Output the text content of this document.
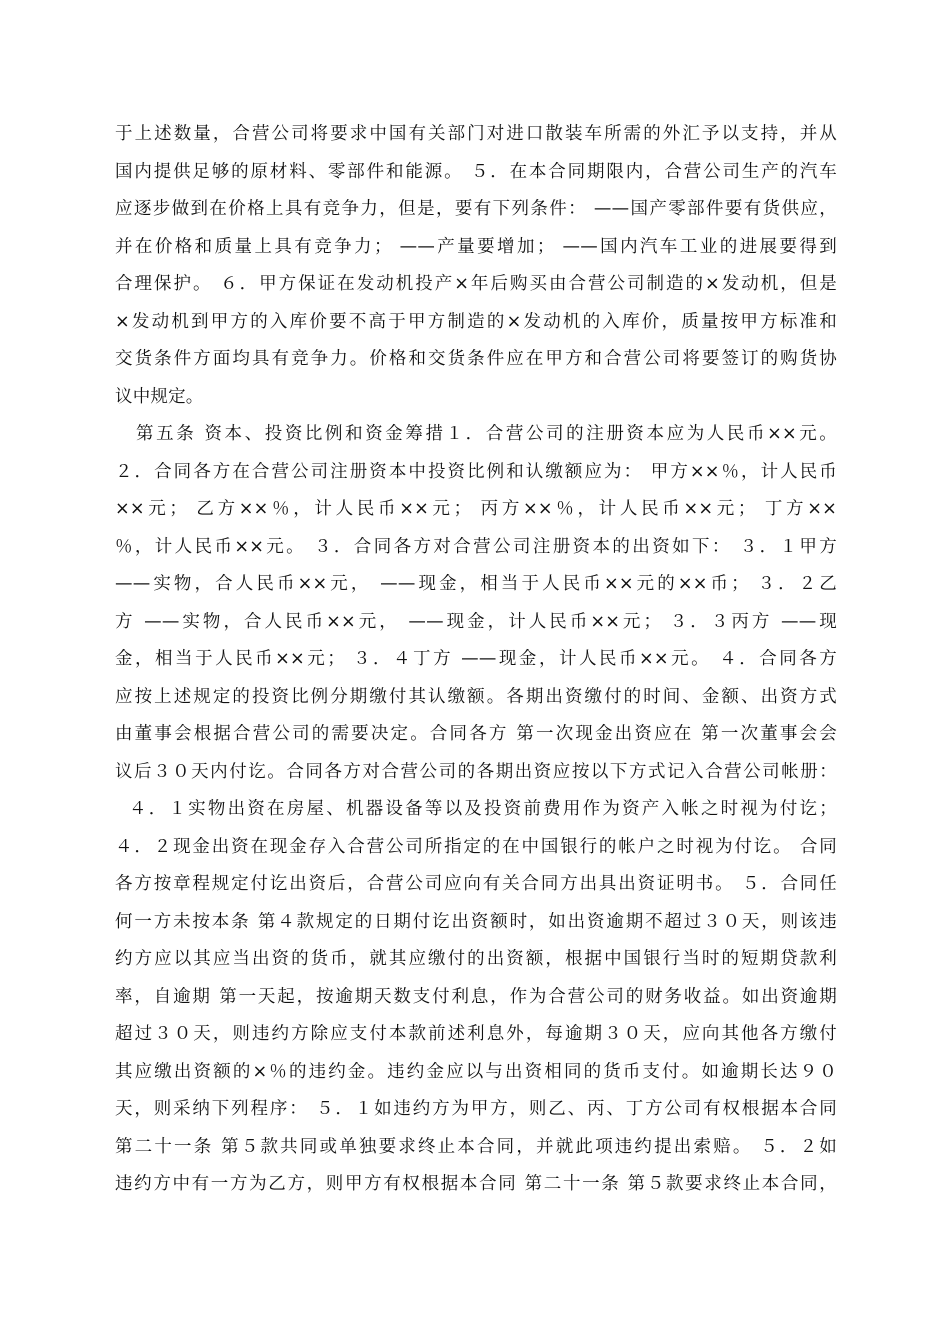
于上述数量，合营公司将要求中国有关部门对进口散装车所需的外汇予以支持，并从
国内提供足够的原材料、零部件和能源。 ５．在本合同期限内，合营公司生产的汽车
应逐步做到在价格上具有竞争力，但是，要有下列条件： ——国产零部件要有货供应，
并在价格和质量上具有竞争力； ——产量要增加； ——国内汽车工业的进展要得到
合理保护。 ６．甲方保证在发动机投产×年后购买由合营公司制造的×发动机，但是
×发动机到甲方的入库价要不高于甲方制造的×发动机的入库价，质量按甲方标准和
交货条件方面均具有竞争力。价格和交货条件应在甲方和合营公司将要签订的购货协
议中规定。
第五条 资本、投资比例和资金筹措１．合营公司的注册资本应为人民币××元。
２．合同各方在合营公司注册资本中投资比例和认缴额应为： 甲方××％，计人民币
××元； 乙方××％，计人民币××元； 丙方××％，计人民币××元； 丁方××
％，计人民币××元。 ３．合同各方对合营公司注册资本的出资如下： ３．１甲方
——实物，合人民币××元， ——现金，相当于人民币××元的××币； ３．２乙
方 ——实物，合人民币××元， ——现金，计人民币××元； ３．３丙方 ——现
金，相当于人民币××元； ３．４丁方 ——现金，计人民币××元。 ４．合同各方
应按上述规定的投资比例分期缴付其认缴额。各期出资缴付的时间、金额、出资方式
由董事会根据合营公司的需要决定。合同各方 第一次现金出资应在 第一次董事会会
议后３０天内付讫。合同各方对合营公司的各期出资应按以下方式记入合营公司帐册：
４．１实物出资在房屋、机器设备等以及投资前费用作为资产入帐之时视为付讫；
４．２现金出资在现金存入合营公司所指定的在中国银行的帐户之时视为付讫。 合同
各方按章程规定付讫出资后，合营公司应向有关合同方出具出资证明书。 ５．合同任
何一方未按本条 第４款规定的日期付讫出资额时，如出资逾期不超过３０天，则该违
约方应以其应当出资的货币，就其应缴付的出资额，根据中国银行当时的短期贷款利
率，自逾期 第一天起，按逾期天数支付利息，作为合营公司的财务收益。如出资逾期
超过３０天，则违约方除应支付本款前述利息外，每逾期３０天，应向其他各方缴付
其应缴出资额的×％的违约金。违约金应以与出资相同的货币支付。如逾期长达９０
天，则采纳下列程序： ５．１如违约方为甲方，则乙、丙、丁方公司有权根据本合同
第二十一条 第５款共同或单独要求终止本合同，并就此项违约提出索赔。 ５．２如
违约方中有一方为乙方，则甲方有权根据本合同 第二十一条 第５款要求终止本合同，
